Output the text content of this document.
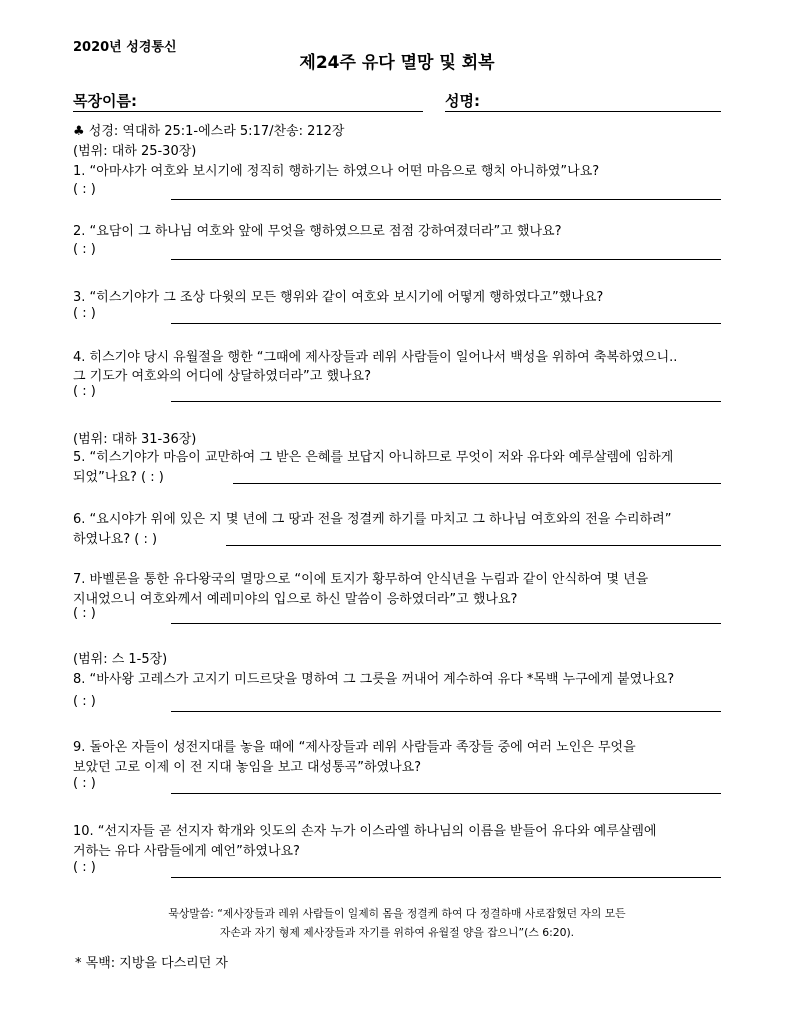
2020년 성경통신
제24주 유다 멸망 및 회복
목장이름:	성명:
♣ 성경: 역대하 25:1-에스라 5:17/찬송: 212장
(범위: 대하 25-30장)
1. “아마샤가 여호와 보시기에 정직히 행하기는 하였으나 어떤 마음으로 행치 아니하였”나요?
( : )
2. “요담이 그 하나님 여호와 앞에 무엇을 행하였으므로 점점 강하여졌더라”고 했나요?
( : )
3. “히스기야가 그 조상 다윗의 모든 행위와 같이 여호와 보시기에 어떻게 행하였다고”했나요?
( : )
4. 히스기야 당시 유월절을 행한 “그때에 제사장들과 레위 사람들이 일어나서 백성을 위하여 축복하였으니..
그 기도가 여호와의 어디에 상달하였더라”고 했나요?
( : )
(범위: 대하 31-36장)
5. “히스기야가 마음이 교만하여 그 받은 은혜를 보답지 아니하므로 무엇이 저와 유다와 예루살렘에 임하게
되었”나요? ( : )
6. “요시야가 위에 있은 지 몇 년에 그 땅과 전을 정결케 하기를 마치고 그 하나님 여호와의 전을 수리하려”
하였나요? ( : )
7. 바벨론을 통한 유다왕국의 멸망으로 “이에 토지가 황무하여 안식년을 누림과 같이 안식하여 몇 년을
지내었으니 여호와께서 예레미야의 입으로 하신 말씀이 응하였더라”고 했나요?
( : )
(범위: 스 1-5장)
8. “바사왕 고레스가 고지기 미드르닷을 명하여 그 그릇을 꺼내어 계수하여 유다 *목백 누구에게 붙였나요?
( : )
9. 돌아온 자들이 성전지대를 놓을 때에 “제사장들과 레위 사람들과 족장들 중에 여러 노인은 무엇을
보았던 고로 이제 이 전 지대 놓임을 보고 대성통곡”하였나요?
( : )
10. “선지자들 곧 선지자 학개와 잇도의 손자 누가 이스라엘 하나님의 이름을 받들어 유다와 예루살렘에
거하는 유다 사람들에게 예언”하였나요?
( : )
묵상말씀: “제사장들과 레위 사람들이 일제히 몸을 정결케 하여 다 정결하매 사로잡혔던 자의 모든
자손과 자기 형제 제사장들과 자기를 위하여 유월절 양을 잡으니”(스 6:20).
* 목백: 지방을 다스리던 자
